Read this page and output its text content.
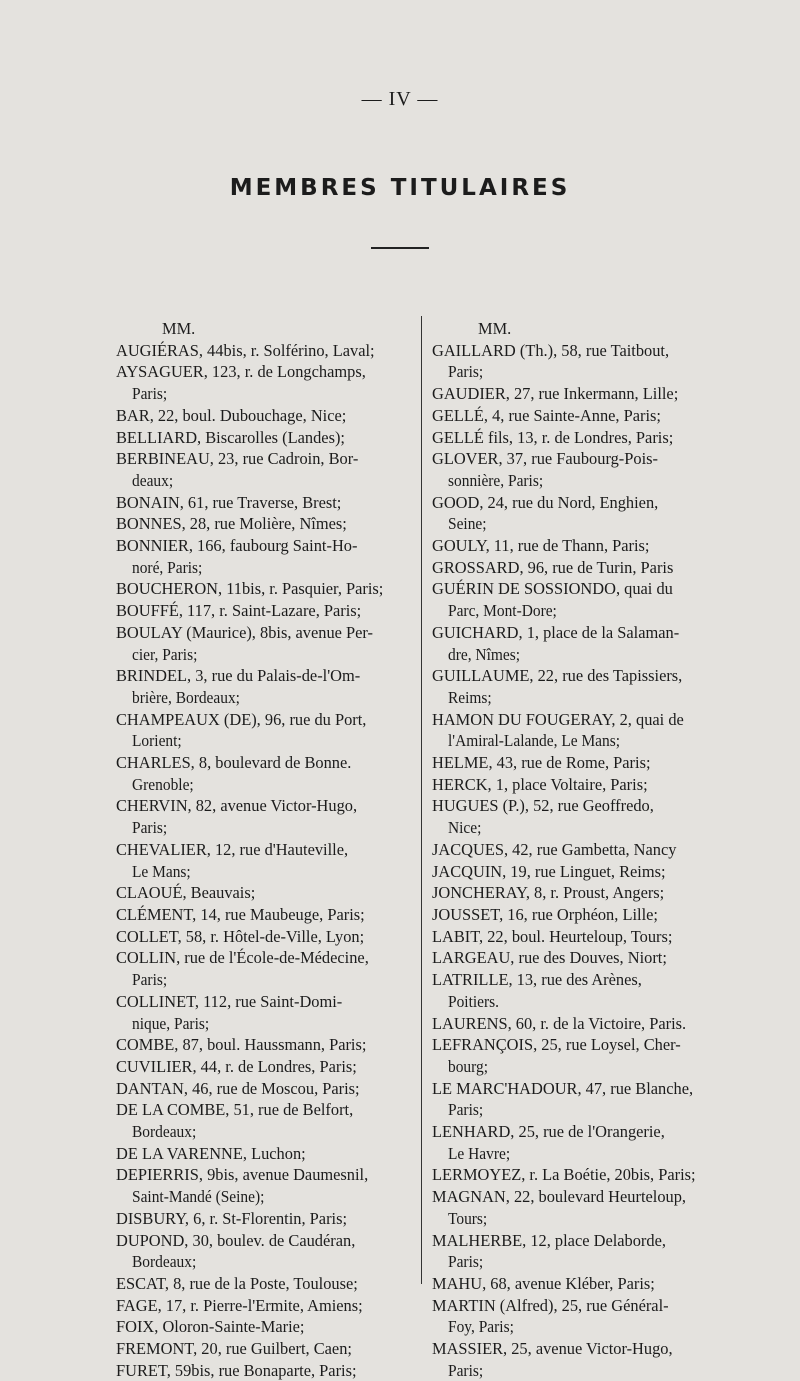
— IV —
MEMBRES TITULAIRES
MM.
AUGIÉRAS, 44bis, r. Solférino, Laval;
AYSAGUER, 123, r. de Longchamps,
Paris;
BAR, 22, boul. Dubouchage, Nice;
BELLIARD, Biscarolles (Landes);
BERBINEAU, 23, rue Cadroin, Bor-
deaux;
BONAIN, 61, rue Traverse, Brest;
BONNES, 28, rue Molière, Nîmes;
BONNIER, 166, faubourg Saint-Ho-
noré, Paris;
BOUCHERON, 11bis, r. Pasquier, Paris;
BOUFFÉ, 117, r. Saint-Lazare, Paris;
BOULAY (Maurice), 8bis, avenue Per-
cier, Paris;
BRINDEL, 3, rue du Palais-de-l'Om-
brière, Bordeaux;
CHAMPEAUX (DE), 96, rue du Port,
Lorient;
CHARLES, 8, boulevard de Bonne.
Grenoble;
CHERVIN, 82, avenue Victor-Hugo,
Paris;
CHEVALIER, 12, rue d'Hauteville,
Le Mans;
CLAOUÉ, Beauvais;
CLÉMENT, 14, rue Maubeuge, Paris;
COLLET, 58, r. Hôtel-de-Ville, Lyon;
COLLIN, rue de l'École-de-Médecine,
Paris;
COLLINET, 112, rue Saint-Domi-
nique, Paris;
COMBE, 87, boul. Haussmann, Paris;
CUVILIER, 44, r. de Londres, Paris;
DANTAN, 46, rue de Moscou, Paris;
DE LA COMBE, 51, rue de Belfort,
Bordeaux;
DE LA VARENNE, Luchon;
DEPIERRIS, 9bis, avenue Daumesnil,
Saint-Mandé (Seine);
DISBURY, 6, r. St-Florentin, Paris;
DUPOND, 30, boulev. de Caudéran,
Bordeaux;
ESCAT, 8, rue de la Poste, Toulouse;
FAGE, 17, r. Pierre-l'Ermite, Amiens;
FOIX, Oloron-Sainte-Marie;
FREMONT, 20, rue Guilbert, Caen;
FURET, 59bis, rue Bonaparte, Paris;
MM.
GAILLARD (Th.), 58, rue Taitbout,
Paris;
GAUDIER, 27, rue Inkermann, Lille;
GELLÉ, 4, rue Sainte-Anne, Paris;
GELLÉ fils, 13, r. de Londres, Paris;
GLOVER, 37, rue Faubourg-Pois-
sonnière, Paris;
GOOD, 24, rue du Nord, Enghien,
Seine;
GOULY, 11, rue de Thann, Paris;
GROSSARD, 96, rue de Turin, Paris
GUÉRIN DE SOSSIONDO, quai du
Parc, Mont-Dore;
GUICHARD, 1, place de la Salaman-
dre, Nîmes;
GUILLAUME, 22, rue des Tapissiers,
Reims;
HAMON DU FOUGERAY, 2, quai de
l'Amiral-Lalande, Le Mans;
HELME, 43, rue de Rome, Paris;
HERCK, 1, place Voltaire, Paris;
HUGUES (P.), 52, rue Geoffredo,
Nice;
JACQUES, 42, rue Gambetta, Nancy
JACQUIN, 19, rue Linguet, Reims;
JONCHERAY, 8, r. Proust, Angers;
JOUSSET, 16, rue Orphéon, Lille;
LABIT, 22, boul. Heurteloup, Tours;
LARGEAU, rue des Douves, Niort;
LATRILLE, 13, rue des Arènes,
Poitiers.
LAURENS, 60, r. de la Victoire, Paris.
LEFRANÇOIS, 25, rue Loysel, Cher-
bourg;
LE MARC'HADOUR, 47, rue Blanche,
Paris;
LENHARD, 25, rue de l'Orangerie,
Le Havre;
LERMOYEZ, r. La Boétie, 20bis, Paris;
MAGNAN, 22, boulevard Heurteloup,
Tours;
MALHERBE, 12, place Delaborde,
Paris;
MAHU, 68, avenue Kléber, Paris;
MARTIN (Alfred), 25, rue Général-
Foy, Paris;
MASSIER, 25, avenue Victor-Hugo,
Paris;
